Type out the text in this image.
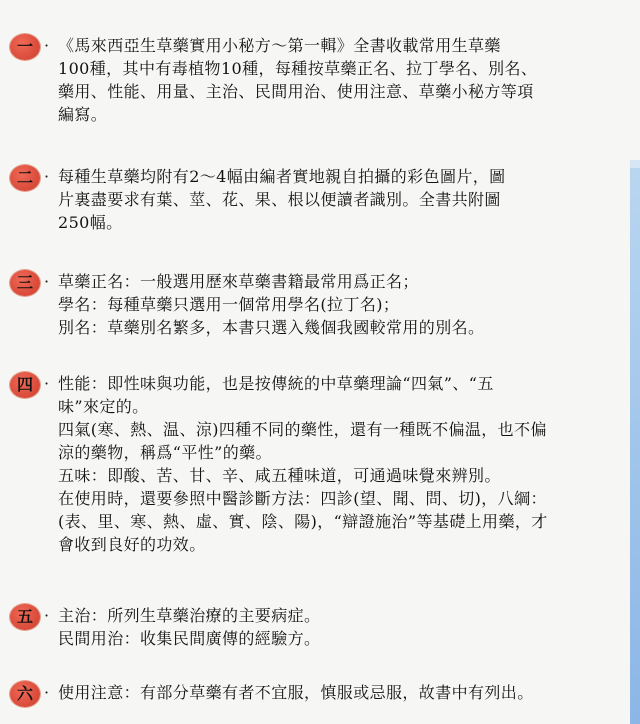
一 · 《馬來西亞生草藥實用小秘方～第一輯》全書收載常用生草藥
100種，其中有毒植物10種，每種按草藥正名、拉丁學名、別名、
藥用、性能、用量、主治、民間用治、使用注意、草藥小秘方等項
編寫。
二 · 每種生草藥均附有2～4幅由編者實地親自拍攝的彩色圖片，圖
片裏盡要求有葉、莖、花、果、根以便讀者識別。全書共附圖
250幅。
三 · 草藥正名：一般選用歷來草藥書籍最常用爲正名；
學名：每種草藥只選用一個常用學名(拉丁名)；
別名：草藥別名繁多，本書只選入幾個我國較常用的別名。
四 · 性能：即性味與功能，也是按傳統的中草藥理論“四氣”、“五
味”來定的。
四氣(寒、熱、温、涼)四種不同的藥性，還有一種既不偏温，也不偏
涼的藥物，稱爲“平性”的藥。
五味：即酸、苦、甘、辛、咸五種味道，可通過味覺來辨別。
在使用時，還要參照中醫診斷方法：四診(望、聞、問、切)，八綱：
(表、里、寒、熱、虛、實、陰、陽)，“辯證施治”等基礎上用藥，才
會收到良好的功效。
五 · 主治：所列生草藥治療的主要病症。
民間用治：收集民間廣傳的經驗方。
六 · 使用注意：有部分草藥有者不宜服，慎服或忌服，故書中有列出。
